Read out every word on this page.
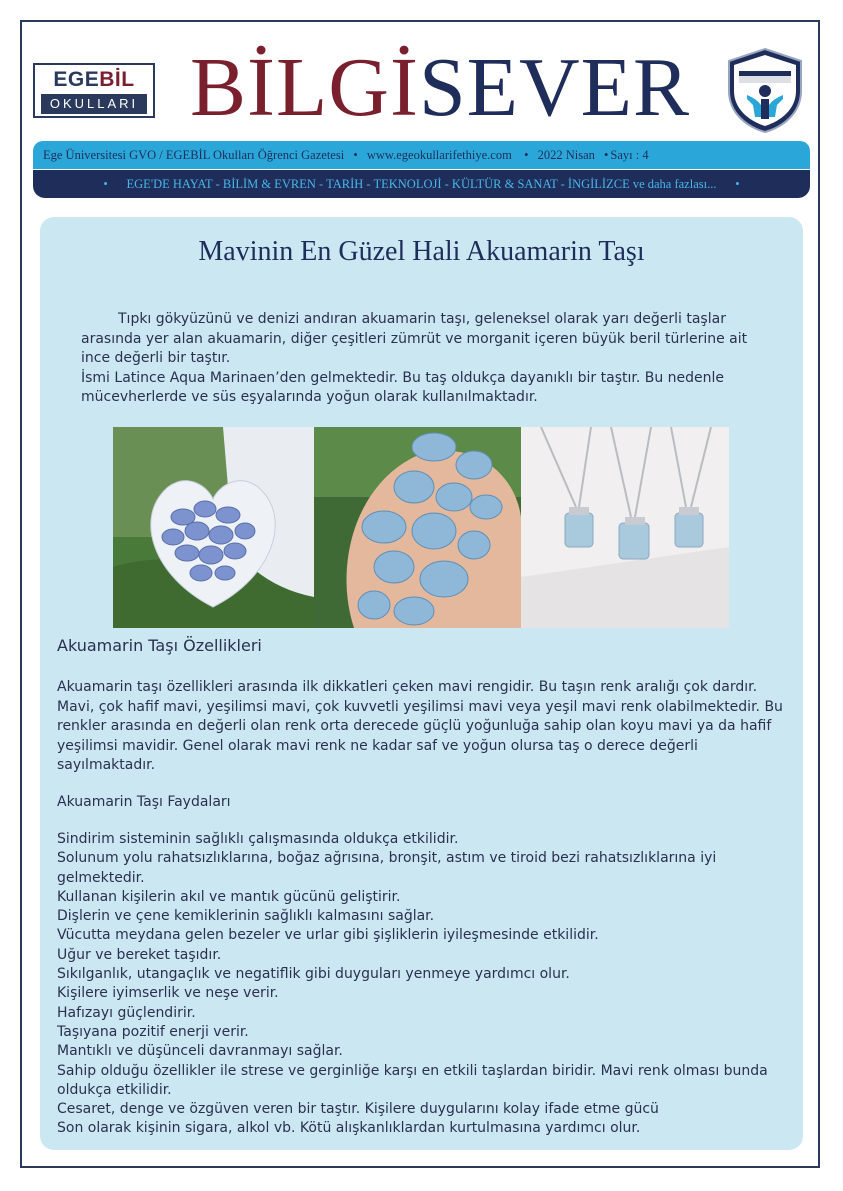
EGEBİL
OKULLARI BİLGİSEVER
Ege Üniversitesi GVO / EGEBİL Okulları Öğrenci Gazetesi • www.egeokullarifethiye.com  • 2022 Nisan • Sayı : 4
• EGE'DE HAYAT - BİLİM & EVREN - TARİH - TEKNOLOJİ - KÜLTÜR & SANAT - İNGİLİZCE ve daha fazlası... •
Mavinin En Güzel Hali Akuamarin Taşı

Tıpkı gökyüzünü ve denizi andıran akuamarin taşı, geleneksel olarak yarı değerli taşlar arasında yer alan akuamarin, diğer çeşitleri zümrüt ve morganit içeren büyük beril türlerine ait ince değerli bir taştır.

İsmi Latince Aqua Marinaen’den gelmektedir. Bu taş oldukça dayanıklı bir taştır. Bu nedenle mücevherlerde ve süs eşyalarında yoğun olarak kullanılmaktadır.

Akuamarin Taşı Özellikleri
Akuamarin taşı özellikleri arasında ilk dikkatleri çeken mavi rengidir. Bu taşın renk aralığı çok dardır. Mavi, çok hafif mavi, yeşilimsi mavi, çok kuvvetli yeşilimsi mavi veya yeşil mavi renk olabilmektedir. Bu renkler arasında en değerli olan renk orta derecede güçlü yoğunluğa sahip olan koyu mavi ya da hafif yeşilimsi mavidir. Genel olarak mavi renk ne kadar saf ve yoğun olursa taş o derece değerli sayılmaktadır.
Akuamarin Taşı Faydaları
Sindirim sisteminin sağlıklı çalışmasında oldukça etkilidir.
Solunum yolu rahatsızlıklarına, boğaz ağrısına, bronşit, astım ve tiroid bezi rahatsızlıklarına iyi gelmektedir.
Kullanan kişilerin akıl ve mantık gücünü geliştirir.
Dişlerin ve çene kemiklerinin sağlıklı kalmasını sağlar.
Vücutta meydana gelen bezeler ve urlar gibi şişliklerin iyileşmesinde etkilidir.
Uğur ve bereket taşıdır.
Sıkılganlık, utangaçlık ve negatiflik gibi duyguları yenmeye yardımcı olur.
Kişilere iyimserlik ve neşe verir.
Hafızayı güçlendirir.
Taşıyana pozitif enerji verir.
Mantıklı ve düşünceli davranmayı sağlar.
Sahip olduğu özellikler ile strese ve gerginliğe karşı en etkili taşlardan biridir. Mavi renk olması bunda oldukça etkilidir.
Cesaret, denge ve özgüven veren bir taştır. Kişilere duygularını kolay ifade etme gücü
Son olarak kişinin sigara, alkol vb. Kötü alışkanlıklardan kurtulmasına yardımcı olur.
